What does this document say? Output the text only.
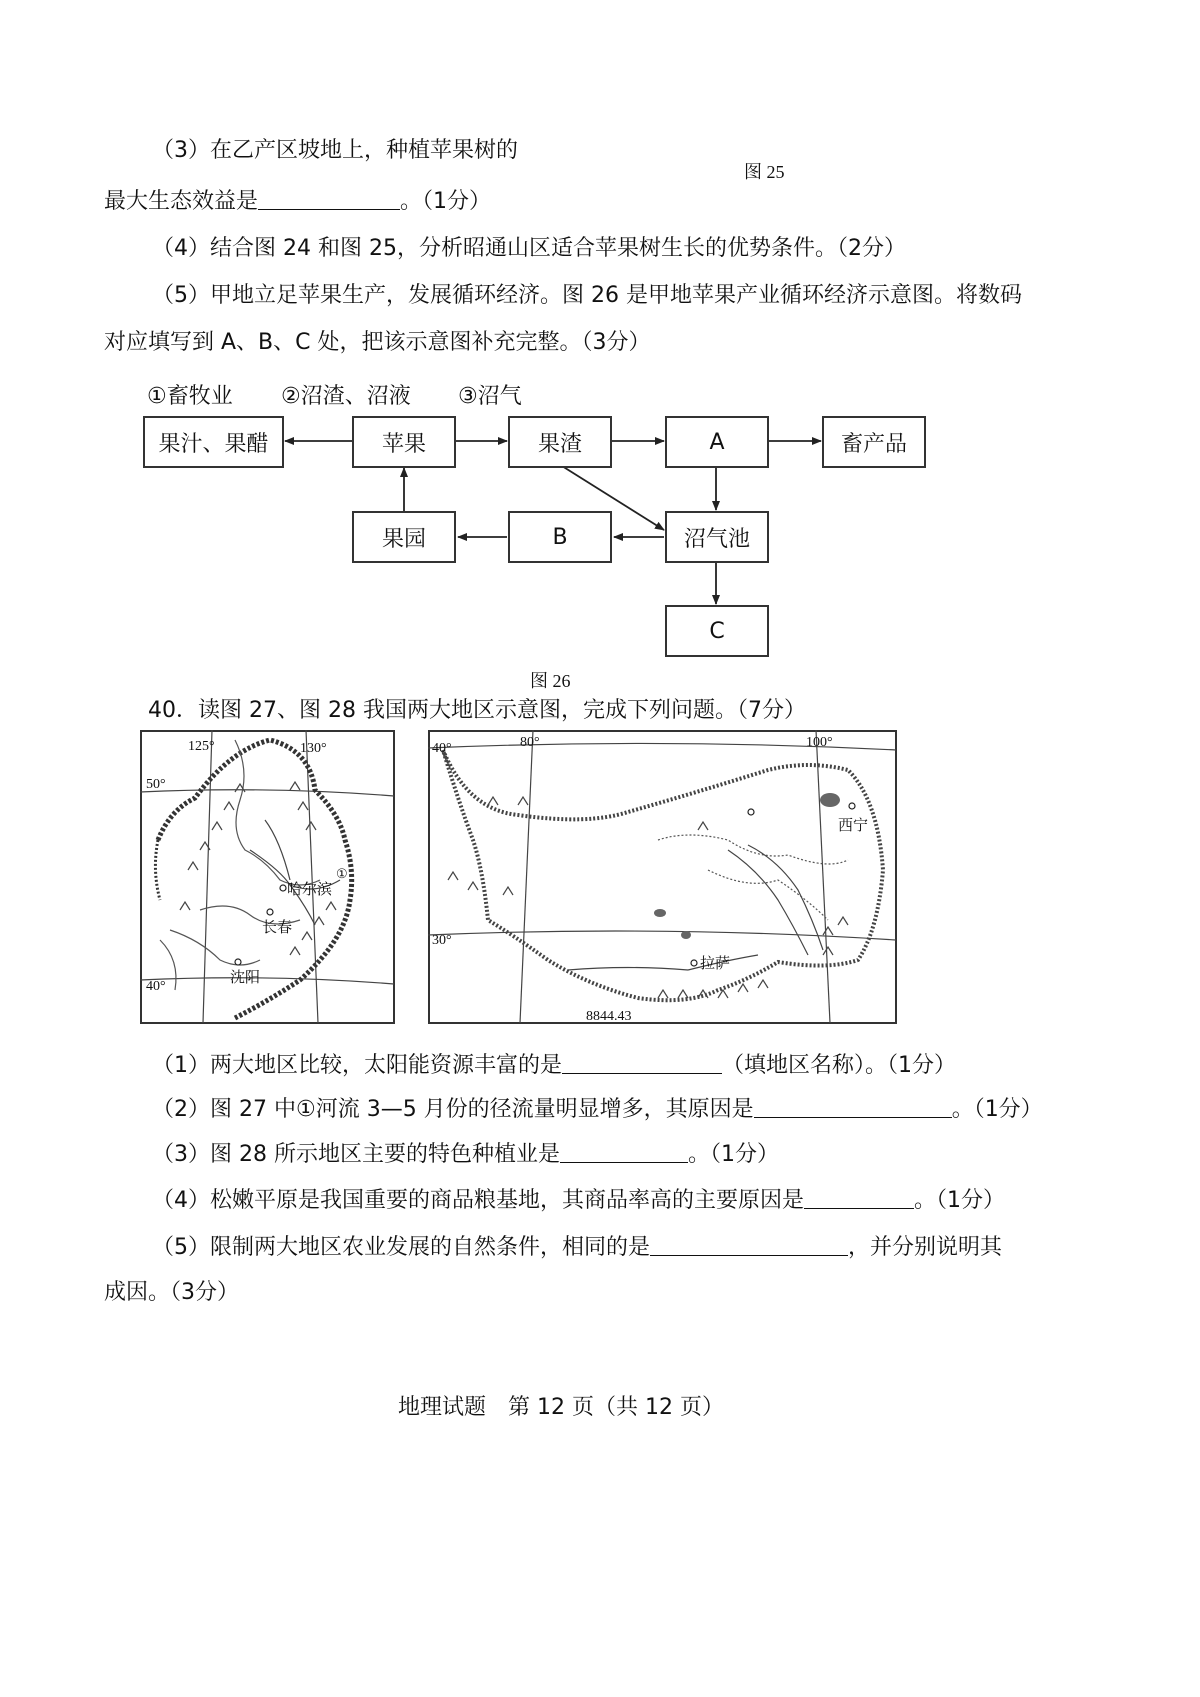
（3）在乙产区坡地上，种植苹果树的
图 25
最大生态效益是	。（1分）
（4）结合图 24 和图 25，分析昭通山区适合苹果树生长的优势条件。（2分）
（5）甲地立足苹果生产，发展循环经济。图 26 是甲地苹果产业循环经济示意图。将数码
对应填写到 A、B、C 处，把该示意图补充完整。（3分）
①畜牧业 ②沼渣、沼液 ③沼气
果汁、果醋	苹果	果渣	A	畜产品
果园	B	沼气池
C
图 26
40．读图 27、图 28 我国两大地区示意图，完成下列问题。（7分）
125°	130°
50°
40°
哈尔滨
长春
沈阳
①
80°	100°
40°
30°
8844.43
西宁
拉萨
（1）两大地区比较，太阳能资源丰富的是	（填地区名称）。（1分）
（2）图 27 中①河流 3—5 月份的径流量明显增多，其原因是	。（1分）
（3）图 28 所示地区主要的特色种植业是	。（1分）
（4）松嫩平原是我国重要的商品粮基地，其商品率高的主要原因是	。（1分）
（5）限制两大地区农业发展的自然条件，相同的是	，并分别说明其
成因。（3分）
地理试题　第 12 页（共 12 页）
